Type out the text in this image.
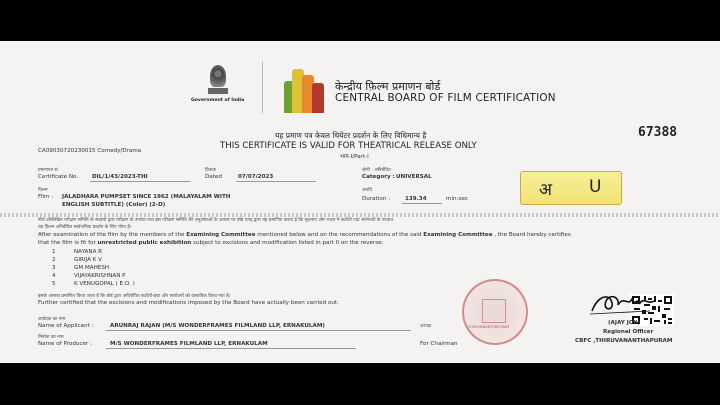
Government of India
केन्द्रीय फ़िल्म प्रमाणन बोर्ड
CENTRAL BOARD OF FILM CERTIFICATION
67388
यह प्रमाण पत्र केवल थियेटर प्रदर्शन के लिए विधिमान्य है
THIS CERTIFICATE IS VALID FOR THEATRICAL RELEASE ONLY
भाग-I/Part-I
CA09030720230015 Comedy/Drama
प्रमाणपत्र सं.
Certificate No. DIL/1/43/2023-THI
दिनांक
Dated	07/07/2023
श्रेणी : अनिर्बंधित
Category : UNIVERSAL
फ़िल्म
Film : JALADHARA PUMPSET SINCE 1962 (MALAYALAM WITH
ENGLISH SUBTITLE) (Color) (2-D)
अवधि
Duration :	139.34	min:sec	अ U
नीचे उल्लिखित परीक्षण समिति के सदस्यों द्वारा परीक्षण के उपरांत तथा इस परीक्षण समिति की अनुशंसाओं के आधार पर बोर्ड एतद् द्वारा यह प्रमाणित करता है कि सूचनाएं और भारत में कटौती एवं/ संशोधनों के पश्चात
यह फ़िल्म अनिर्बंधित सार्वजनिक प्रदर्शन के लिए योग्य है।
After examination of the film by the members of the Examining Committee mentioned below and on the recommendations of the said Examining Committee , the Board hereby certifies
that the film is fit for unrestricted public exhibition subject to excisions and modification listed in part II on the reverse:
1	NAYANA R
2	GIRIJA K V
3	GM MAHESH
4	VIJAYAKRISHNAN P
5	K VENUGOPAL ( E.O. )
इसके अलावा प्रमाणित किया जाता है कि बोर्ड द्वारा अधिरोपित कटौती-छांट और संशोधनों को वास्तविक किया गया है।
Further certified that the excisions and modifications imposed by the Board have actually been carried out.
आवेदक का नाम
Name of Applicant :	ARUNRAJ RAJAN (M/S WONDERFRAMES FILMLAND LLP, ERNAKULAM)	अध्यक्ष
निर्माता का नाम
Name of Producer :	M/S WONDERFRAMES FILMLAND LLP, ERNAKULAM	For Chairman
THIRUVANANTHAPURAM
(AJAY JOY)
Regional Officer
CBFC ,THIRUVANANTHAPURAM
